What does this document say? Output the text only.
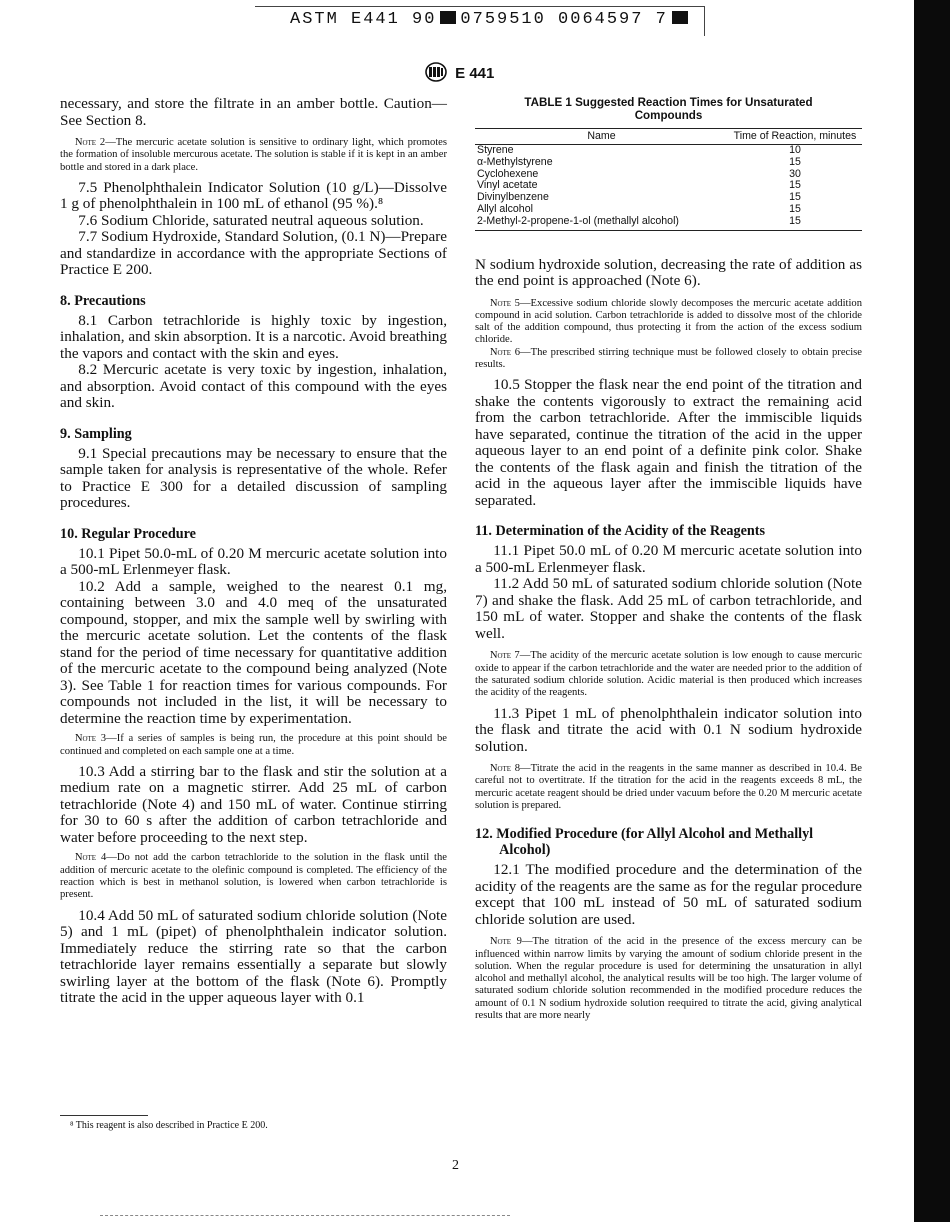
ASTM E441 90 0759510 0064597 7
E 441

necessary, and store the filtrate in an amber bottle. Caution—See Section 8.

Note 2—The mercuric acetate solution is sensitive to ordinary light, which promotes the formation of insoluble mercurous acetate. The solution is stable if it is kept in an amber bottle and stored in a dark place.

7.5 Phenolphthalein Indicator Solution (10 g/L)—Dissolve 1 g of phenolphthalein in 100 mL of ethanol (95 %).⁸

7.6 Sodium Chloride, saturated neutral aqueous solution.

7.7 Sodium Hydroxide, Standard Solution, (0.1 N)—Prepare and standardize in accordance with the appropriate Sections of Practice E 200.

8. Precautions

8.1 Carbon tetrachloride is highly toxic by ingestion, inhalation, and skin absorption. It is a narcotic. Avoid breathing the vapors and contact with the skin and eyes.

8.2 Mercuric acetate is very toxic by ingestion, inhalation, and absorption. Avoid contact of this compound with the eyes and skin.

9. Sampling

9.1 Special precautions may be necessary to ensure that the sample taken for analysis is representative of the whole. Refer to Practice E 300 for a detailed discussion of sampling procedures.

10. Regular Procedure

10.1 Pipet 50.0-mL of 0.20 M mercuric acetate solution into a 500-mL Erlenmeyer flask.

10.2 Add a sample, weighed to the nearest 0.1 mg, containing between 3.0 and 4.0 meq of the unsaturated compound, stopper, and mix the sample well by swirling with the mercuric acetate solution. Let the contents of the flask stand for the period of time necessary for quantitative addition of the mercuric acetate to the compound being analyzed (Note 3). See Table 1 for reaction times for various compounds. For compounds not included in the list, it will be necessary to determine the reaction time by experimentation.

Note 3—If a series of samples is being run, the procedure at this point should be continued and completed on each sample one at a time.

10.3 Add a stirring bar to the flask and stir the solution at a medium rate on a magnetic stirrer. Add 25 mL of carbon tetrachloride (Note 4) and 150 mL of water. Continue stirring for 30 to 60 s after the addition of carbon tetrachloride and water before proceeding to the next step.

Note 4—Do not add the carbon tetrachloride to the solution in the flask until the addition of mercuric acetate to the olefinic compound is completed. The efficiency of the reaction which is best in methanol solution, is lowered when carbon tetrachloride is present.

10.4 Add 50 mL of saturated sodium chloride solution (Note 5) and 1 mL (pipet) of phenolphthalein indicator solution. Immediately reduce the stirring rate so that the carbon tetrachloride layer remains essentially a separate but slowly swirling layer at the bottom of the flask (Note 6). Promptly titrate the acid in the upper aqueous layer with 0.1

TABLE 1 Suggested Reaction Times for Unsaturated
Compounds
Name	Time of Reaction, minutes
Styrene	10
α-Methylstyrene	15
Cyclohexene	30
Vinyl acetate	15
Divinylbenzene	15
Allyl alcohol	15
2-Methyl-2-propene-1-ol (methallyl alcohol)	15

N sodium hydroxide solution, decreasing the rate of addition as the end point is approached (Note 6).

Note 5—Excessive sodium chloride slowly decomposes the mercuric acetate addition compound in acid solution. Carbon tetrachloride is added to dissolve most of the chloride salt of the addition compound, thus protecting it from the action of the excess sodium chloride.

Note 6—The prescribed stirring technique must be followed closely to obtain precise results.

10.5 Stopper the flask near the end point of the titration and shake the contents vigorously to extract the remaining acid from the carbon tetrachloride. After the immiscible liquids have separated, continue the titration of the acid in the upper aqueous layer to an end point of a definite pink color. Shake the contents of the flask again and finish the titration of the acid in the aqueous layer after the immiscible liquids have separated.

11. Determination of the Acidity of the Reagents

11.1 Pipet 50.0 mL of 0.20 M mercuric acetate solution into a 500-mL Erlenmeyer flask.

11.2 Add 50 mL of saturated sodium chloride solution (Note 7) and shake the flask. Add 25 mL of carbon tetrachloride, and 150 mL of water. Stopper and shake the contents of the flask well.

Note 7—The acidity of the mercuric acetate solution is low enough to cause mercuric oxide to appear if the carbon tetrachloride and the water are needed prior to the addition of the saturated sodium chloride solution. Acidic material is then produced which increases the acidity of the reagents.

11.3 Pipet 1 mL of phenolphthalein indicator solution into the flask and titrate the acid with 0.1 N sodium hydroxide solution.

Note 8—Titrate the acid in the reagents in the same manner as described in 10.4. Be careful not to overtitrate. If the titration for the acid in the reagents exceeds 8 mL, the mercuric acetate reagent should be dried under vacuum before the 0.20 M mercuric acetate solution is prepared.

12. Modified Procedure (for Allyl Alcohol and Methallyl Alcohol)

12.1 The modified procedure and the determination of the acidity of the reagents are the same as for the regular procedure except that 100 mL instead of 50 mL of saturated sodium chloride solution are used.

Note 9—The titration of the acid in the presence of the excess mercury can be influenced within narrow limits by varying the amount of sodium chloride present in the solution. When the regular procedure is used for determining the unsaturation in allyl alcohol and methallyl alcohol, the analytical results will be too high. The larger volume of saturated sodium chloride solution recommended in the modified procedure reduces the amount of 0.1 N sodium hydroxide solution reequired to titrate the acid, giving analytical results that are more nearly

⁸ This reagent is also described in Practice E 200.
2
